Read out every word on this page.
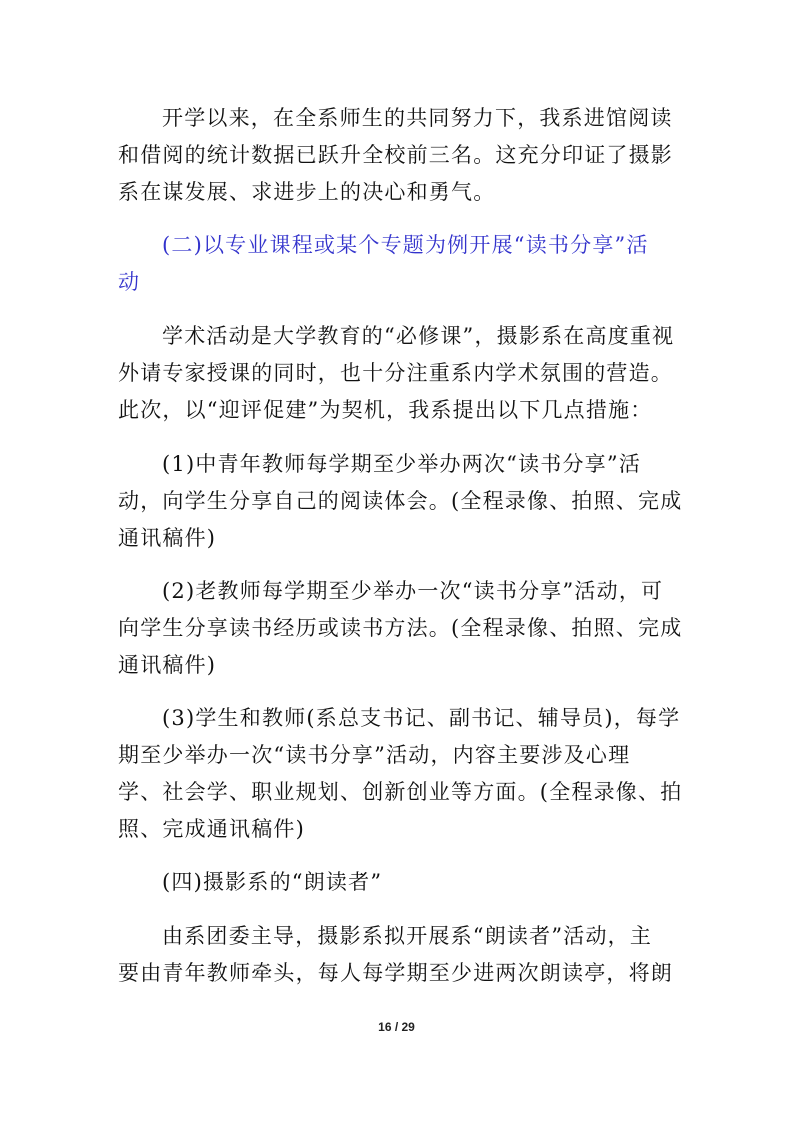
开学以来，在全系师生的共同努力下，我系进馆阅读
和借阅的统计数据已跃升全校前三名。这充分印证了摄影
系在谋发展、求进步上的决心和勇气。

(二)以专业课程或某个专题为例开展“读书分享”活
动

学术活动是大学教育的“必修课”，摄影系在高度重视
外请专家授课的同时，也十分注重系内学术氛围的营造。
此次，以“迎评促建”为契机，我系提出以下几点措施：

(1)中青年教师每学期至少举办两次“读书分享”活
动，向学生分享自己的阅读体会。(全程录像、拍照、完成
通讯稿件)

(2)老教师每学期至少举办一次“读书分享”活动，可
向学生分享读书经历或读书方法。(全程录像、拍照、完成
通讯稿件)

(3)学生和教师(系总支书记、副书记、辅导员)，每学
期至少举办一次“读书分享”活动，内容主要涉及心理
学、社会学、职业规划、创新创业等方面。(全程录像、拍
照、完成通讯稿件)

(四)摄影系的“朗读者”

由系团委主导，摄影系拟开展系“朗读者”活动，主
要由青年教师牵头，每人每学期至少进两次朗读亭，将朗

16 / 29
